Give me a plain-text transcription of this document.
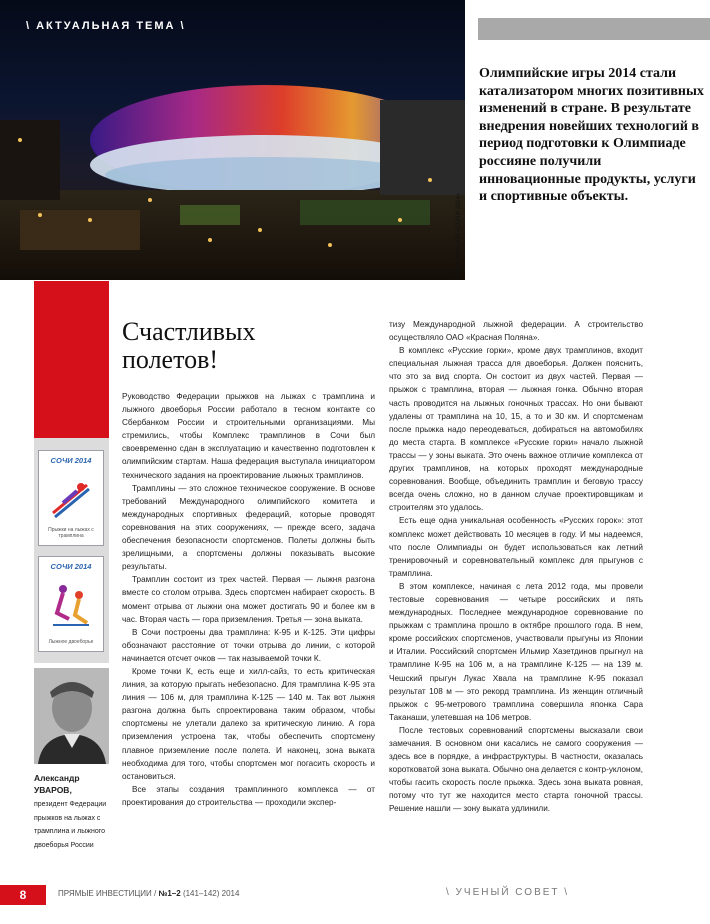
\ АКТУАЛЬНАЯ ТЕМА \
ФОТО: АНО «ОК «СОЧИ 2014»
Олимпийские игры 2014 стали катализатором многих позитивных изменений в стране. В результате внедрения новейших технологий в период подготовки к Олимпиаде россияне получили инновационные продукты, услуги и спортивные объекты.
СОЧИ 2014
Прыжки на лыжах с трамплина
СОЧИ 2014
Лыжное двоеборье
Александр
УВАРОВ,
президент Федерации прыжков на лыжах с трамплина и лыжного двоеборья России
Счастливых полетов!

Руководство Федерации прыжков на лыжах с трамплина и лыжного двоеборья России работало в тесном контакте со Сбербанком России и строительными организациями. Мы стремились, чтобы Комплекс трамплинов в Сочи был своевременно сдан в эксплуатацию и качественно подготовлен к олимпийским стартам. Наша федерация выступала инициатором технического задания на проектирование лыжных трамплинов.

Трамплины — это сложное техническое сооружение. В основе требований Международного олимпийского комитета и международных спортивных федераций, которые проводят соревнования на этих сооружениях, — прежде всего, задача обеспечения безопасности спортсменов. Полеты должны быть зрелищными, а спортсмены должны показывать высокие результаты.

Трамплин состоит из трех частей. Первая — лыжня разгона вместе со столом отрыва. Здесь спортсмен набирает скорость. В момент отрыва от лыжни она может достигать 90 и более км в час. Вторая часть — гора приземления. Третья — зона выката.

В Сочи построены два трамплина: К-95 и К-125. Эти цифры обозначают расстояние от точки отрыва до линии, с которой начинается отсчет очков — так называемой точки К.

Кроме точки К, есть еще и хилл-сайз, то есть критическая линия, за которую прыгать небезопасно. Для трамплина К-95 эта линия — 106 м, для трамплина К-125 — 140 м. Так вот лыжня разгона должна быть спроектирована таким образом, чтобы спортсмены не улетали далеко за критическую линию. А гора приземления устроена так, чтобы обеспечить спортсмену плавное приземление после полета. И наконец, зона выката необходима для того, чтобы спортсмен мог погасить скорость и остановиться.

Все этапы создания трамплинного комплекса — от проектирования до строительства — проходили экспер-

тизу Международной лыжной федерации. А строительство осуществляло ОАО «Красная Поляна».

В комплекс «Русские горки», кроме двух трамплинов, входит специальная лыжная трасса для двоеборья. Должен пояснить, что это за вид спорта. Он состоит из двух частей. Первая — прыжок с трамплина, вторая — лыжная гонка. Обычно вторая часть проводится на лыжных гоночных трассах. Но они бывают удалены от трамплина на 10, 15, а то и 30 км. И спортсменам после прыжка надо переодеваться, добираться на автомобилях до места старта. В комплексе «Русские горки» начало лыжной трассы — у зоны выката. Это очень важное отличие комплекса от других трамплинов, на которых проходят международные соревнования. Вообще, объединить трамплин и беговую трассу всегда очень сложно, но в данном случае проектировщикам и строителям это удалось.

Есть еще одна уникальная особенность «Русских горок»: этот комплекс может действовать 10 месяцев в году. И мы надеемся, что после Олимпиады он будет использоваться как летний тренировочный и соревновательный комплекс для прыгунов с трамплина.

В этом комплексе, начиная с лета 2012 года, мы провели тестовые соревнования — четыре российских и пять международных. Последнее международное соревнование по прыжкам с трамплина прошло в октябре прошлого года. В нем, кроме российских спортсменов, участвовали прыгуны из Японии и Италии. Российский спортсмен Ильмир Хазетдинов прыгнул на трамплине К-95 на 106 м, а на трамплине К-125 — на 139 м. Чешский прыгун Лукас Хвала на трамплине К-95 показал результат 108 м — это рекорд трамплина. Из женщин отличный прыжок с 95-метрового трамплина совершила японка Сара Таканаши, улетевшая на 106 метров.

После тестовых соревнований спортсмены высказали свои замечания. В основном они касались не самого сооружения — здесь все в порядке, а инфраструктуры. В частности, оказалась коротковатой зона выката. Обычно она делается с контр-уклоном, чтобы гасить скорость после прыжка. Здесь зона выката ровная, потому что тут же находится место старта гоночной трассы. Решение нашли — зону выката удлинили.

8	ПРЯМЫЕ ИНВЕСТИЦИИ / №1–2 (141–142) 2014	\ УЧЕНЫЙ СОВЕТ \
